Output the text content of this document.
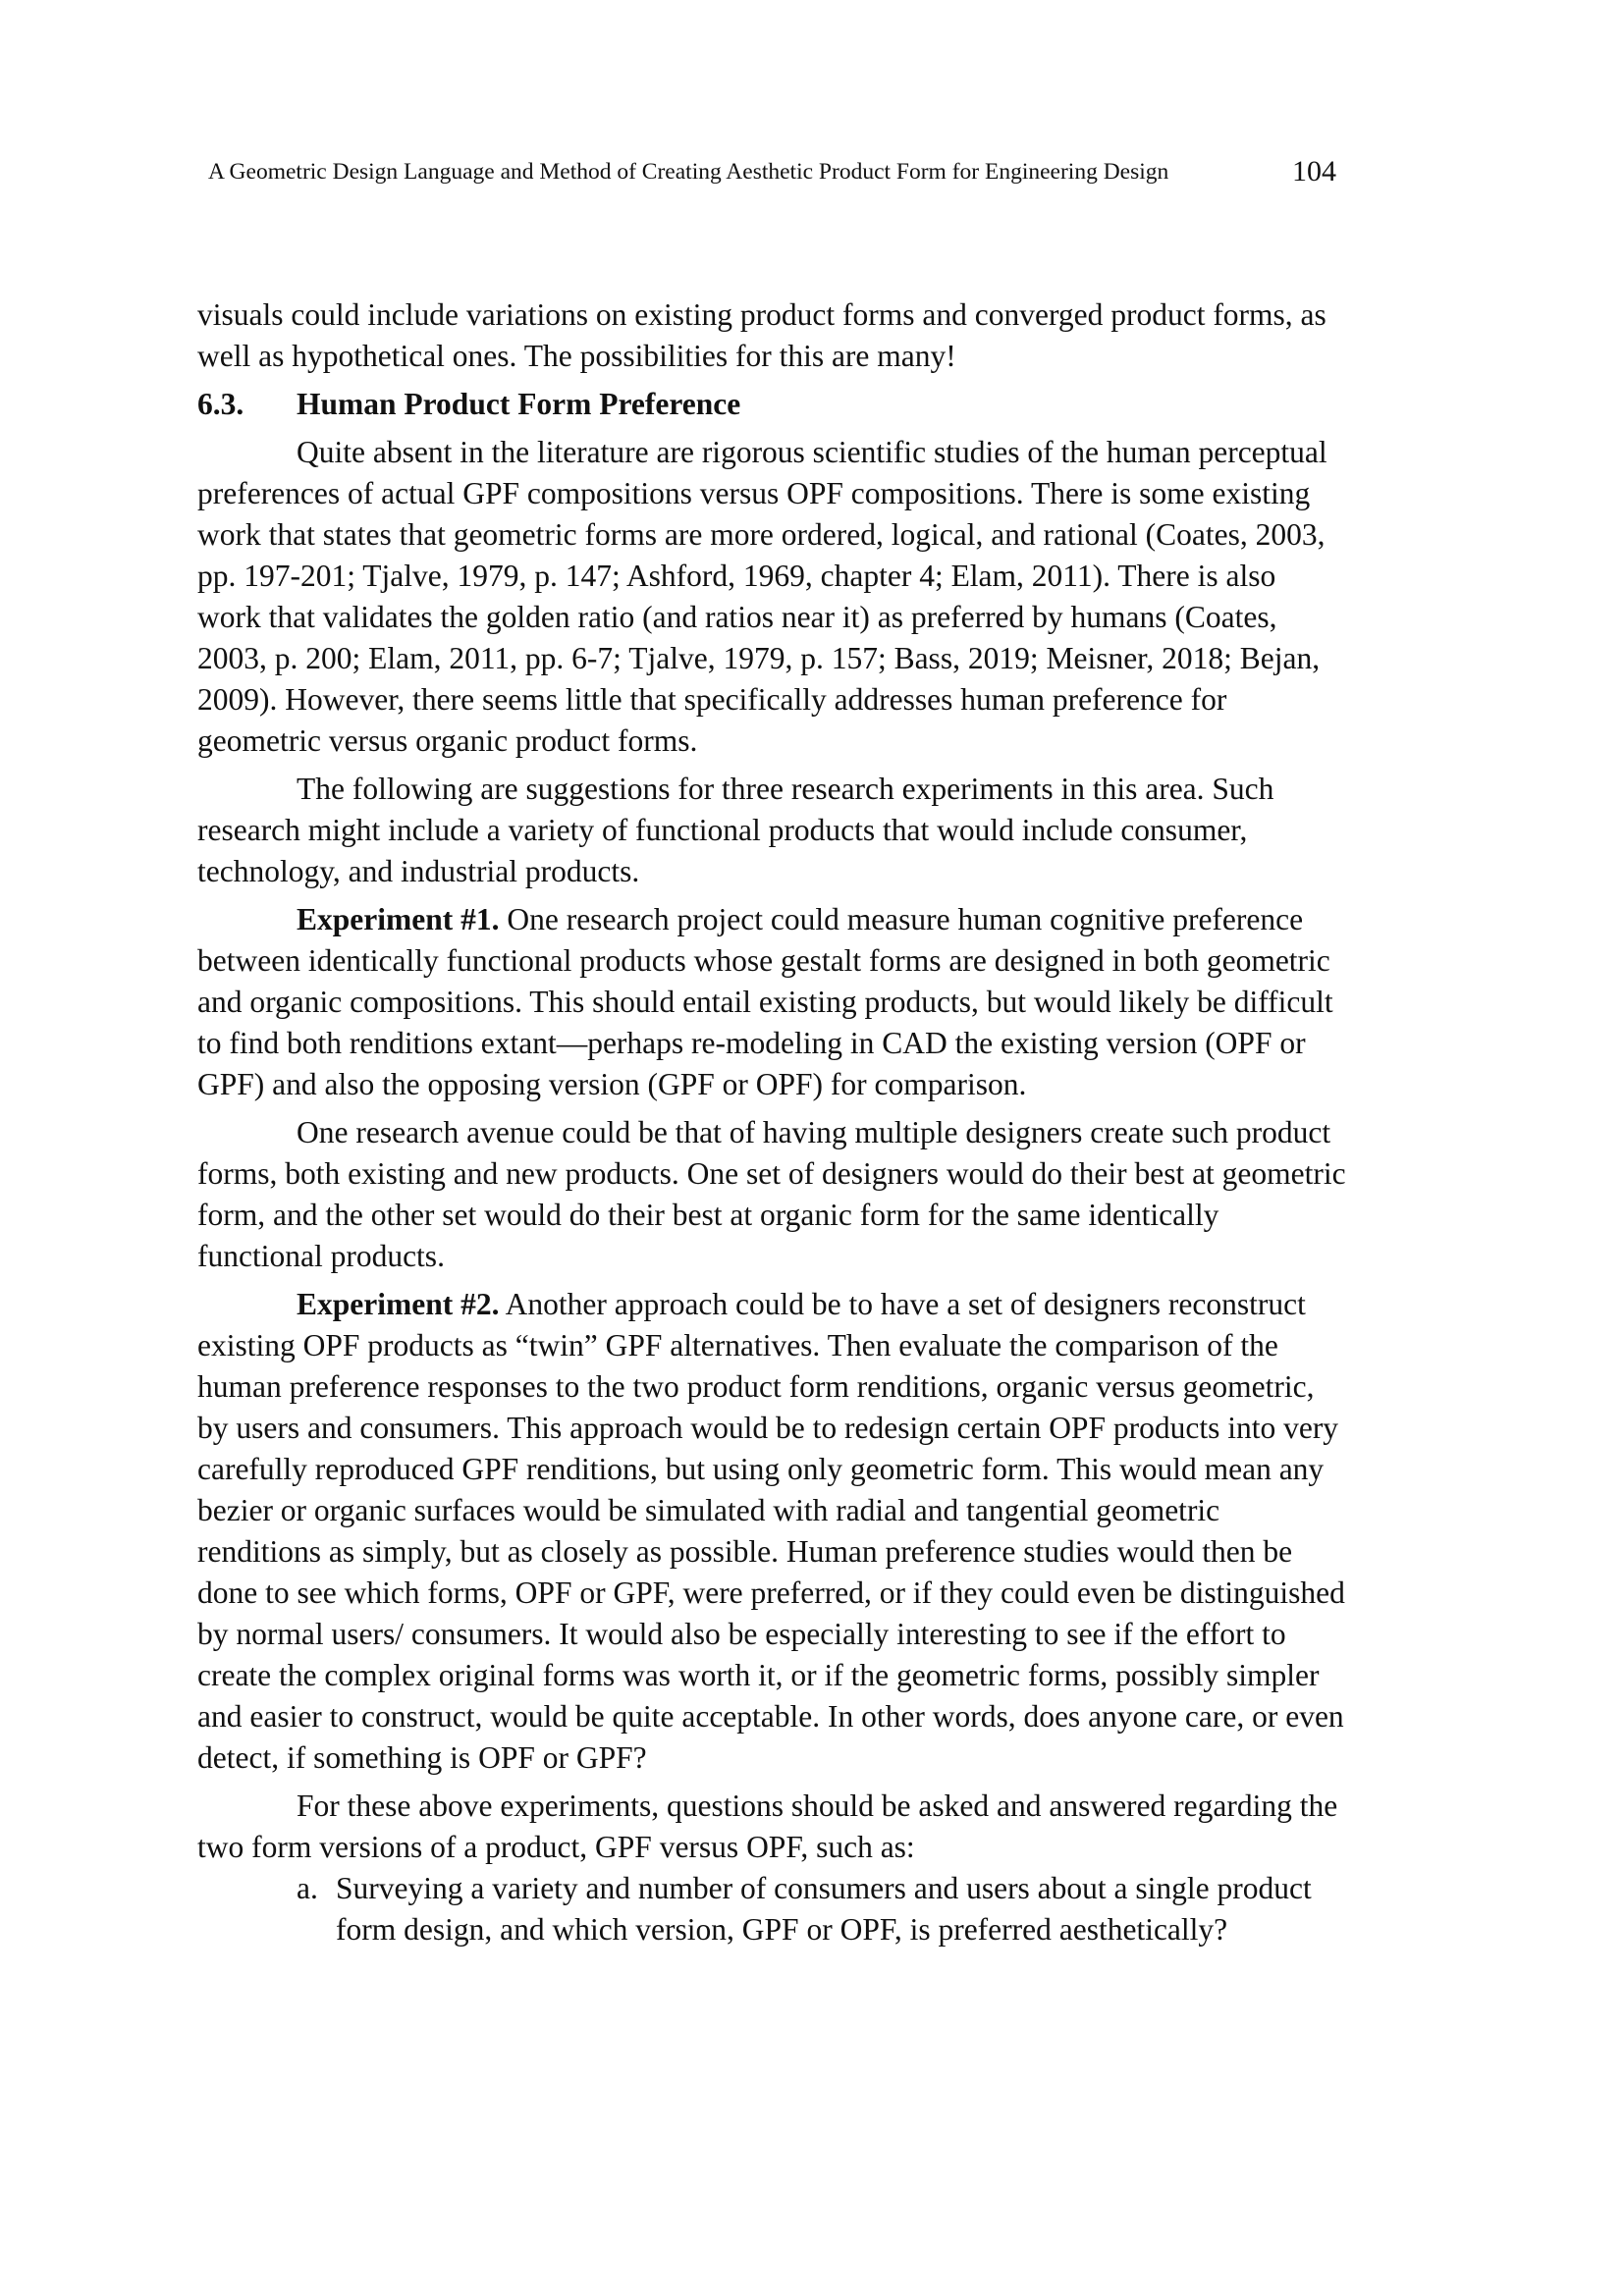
A Geometric Design Language and Method of Creating Aesthetic Product Form for Engineering Design	104

visuals could include variations on existing product forms and converged product forms, as well as hypothetical ones. The possibilities for this are many!

6.3. Human Product Form Preference

Quite absent in the literature are rigorous scientific studies of the human perceptual preferences of actual GPF compositions versus OPF compositions. There is some existing work that states that geometric forms are more ordered, logical, and rational (Coates, 2003, pp. 197-201; Tjalve, 1979, p. 147; Ashford, 1969, chapter 4; Elam, 2011). There is also work that validates the golden ratio (and ratios near it) as preferred by humans (Coates, 2003, p. 200; Elam, 2011, pp. 6-7; Tjalve, 1979, p. 157; Bass, 2019; Meisner, 2018; Bejan, 2009). However, there seems little that specifically addresses human preference for geometric versus organic product forms.

The following are suggestions for three research experiments in this area. Such research might include a variety of functional products that would include consumer, technology, and industrial products.

Experiment #1. One research project could measure human cognitive preference between identically functional products whose gestalt forms are designed in both geometric and organic compositions. This should entail existing products, but would likely be difficult to find both renditions extant—perhaps re-modeling in CAD the existing version (OPF or GPF) and also the opposing version (GPF or OPF) for comparison.

One research avenue could be that of having multiple designers create such product forms, both existing and new products. One set of designers would do their best at geometric form, and the other set would do their best at organic form for the same identically functional products.

Experiment #2. Another approach could be to have a set of designers reconstruct existing OPF products as “twin” GPF alternatives. Then evaluate the comparison of the human preference responses to the two product form renditions, organic versus geometric, by users and consumers. This approach would be to redesign certain OPF products into very carefully reproduced GPF renditions, but using only geometric form. This would mean any bezier or organic surfaces would be simulated with radial and tangential geometric renditions as simply, but as closely as possible. Human preference studies would then be done to see which forms, OPF or GPF, were preferred, or if they could even be distinguished by normal users/ consumers. It would also be especially interesting to see if the effort to create the complex original forms was worth it, or if the geometric forms, possibly simpler and easier to construct, would be quite acceptable. In other words, does anyone care, or even detect, if something is OPF or GPF?

For these above experiments, questions should be asked and answered regarding the two form versions of a product, GPF versus OPF, such as:

a. Surveying a variety and number of consumers and users about a single product form design, and which version, GPF or OPF, is preferred aesthetically?
